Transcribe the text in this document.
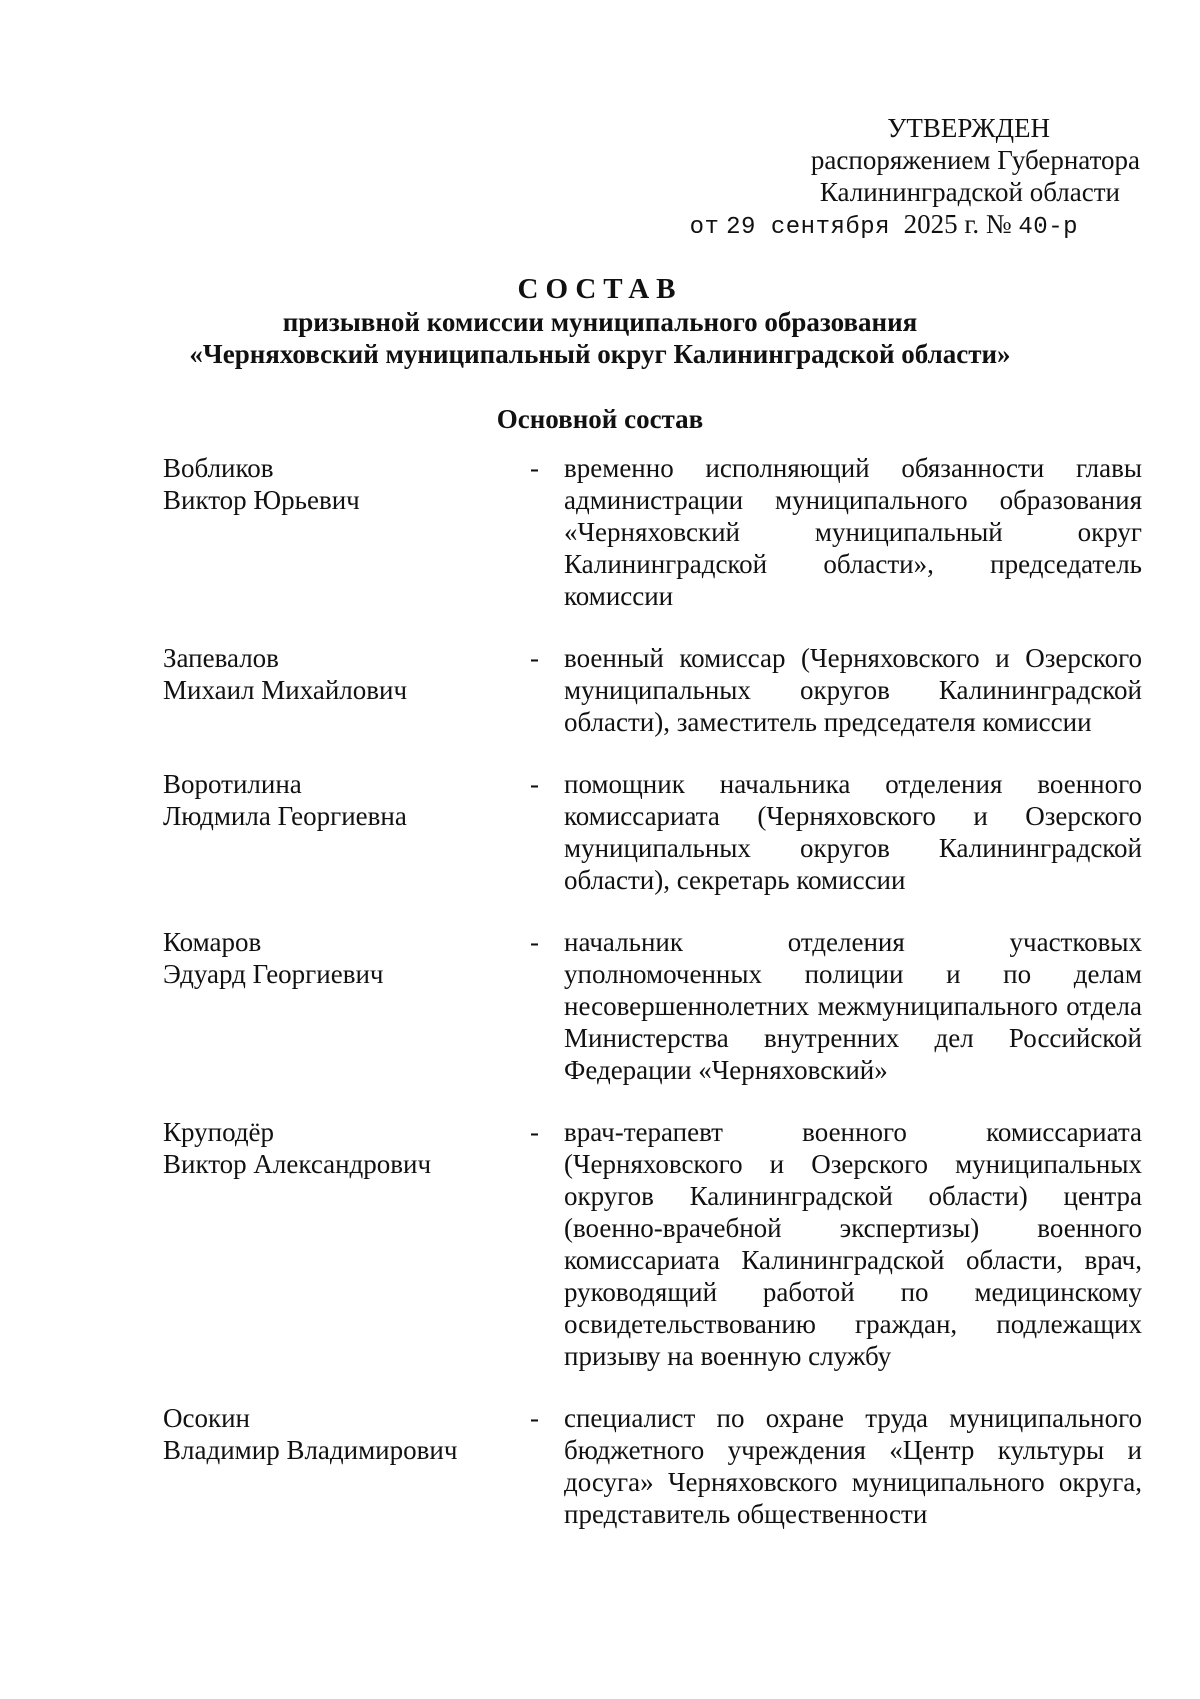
УТВЕРЖДЕН
распоряжением Губернатора
Калининградской области
от 29 сентября 2025 г. № 40-р

СОСТАВ

призывной комиссии муниципального образования

«Черняховский муниципальный округ Калининградской области»

Основной состав
Вобликов
Виктор Юрьевич
- временно исполняющий обязанности главы администрации муниципального образования «Черняховский муниципальный округ Калининградской области», председатель комиссии
Запевалов
Михаил Михайлович
- военный комиссар (Черняховского и Озерского муниципальных округов Калининградской области), заместитель председателя комиссии
Воротилина
Людмила Георгиевна
- помощник начальника отделения военного комиссариата (Черняховского и Озерского муниципальных округов Калининградской области), секретарь комиссии
Комаров
Эдуард Георгиевич
- начальник отделения участковых уполномоченных полиции и по делам несовершеннолетних межмуниципального отдела Министерства внутренних дел Российской Федерации «Черняховский»
Круподёр
Виктор Александрович
- врач-терапевт военного комиссариата (Черняховского и Озерского муниципальных округов Калининградской области) центра (военно-врачебной экспертизы) военного комиссариата Калининградской области, врач, руководящий работой по медицинскому освидетельствованию граждан, подлежащих призыву на военную службу
Осокин
Владимир Владимирович
- специалист по охране труда муниципального бюджетного учреждения «Центр культуры и досуга» Черняховского муниципального округа, представитель общественности
